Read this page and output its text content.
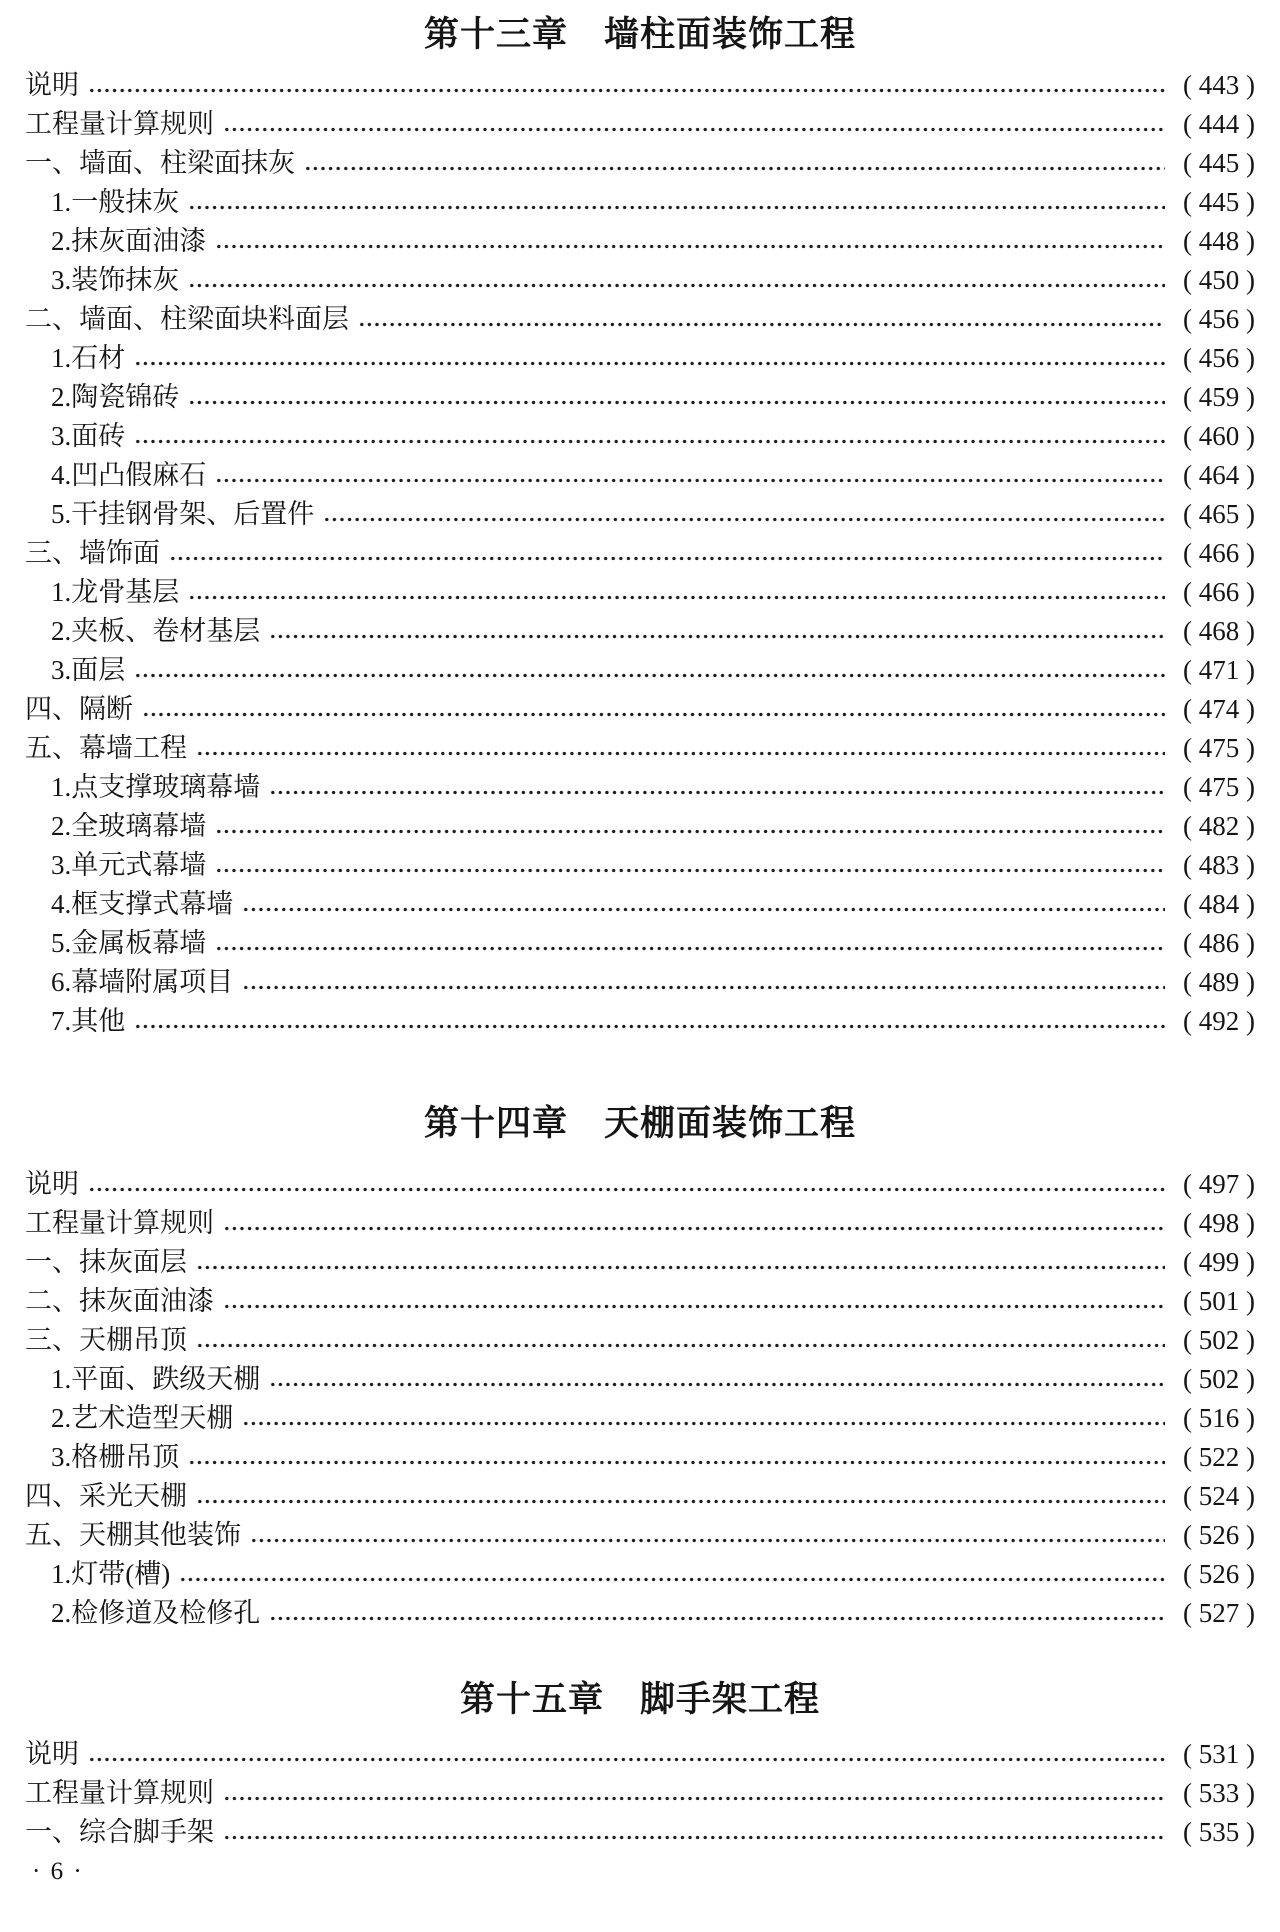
第十三章　墙柱面装饰工程
说明	( 443 )
工程量计算规则	( 444 )
一、墙面、柱梁面抹灰	( 445 )
1.一般抹灰	( 445 )
2.抹灰面油漆	( 448 )
3.装饰抹灰	( 450 )
二、墙面、柱梁面块料面层	( 456 )
1.石材	( 456 )
2.陶瓷锦砖	( 459 )
3.面砖	( 460 )
4.凹凸假麻石	( 464 )
5.干挂钢骨架、后置件	( 465 )
三、墙饰面	( 466 )
1.龙骨基层	( 466 )
2.夹板、卷材基层	( 468 )
3.面层	( 471 )
四、隔断	( 474 )
五、幕墙工程	( 475 )
1.点支撑玻璃幕墙	( 475 )
2.全玻璃幕墙	( 482 )
3.单元式幕墙	( 483 )
4.框支撑式幕墙	( 484 )
5.金属板幕墙	( 486 )
6.幕墙附属项目	( 489 )
7.其他	( 492 )
第十四章　天棚面装饰工程
说明	( 497 )
工程量计算规则	( 498 )
一、抹灰面层	( 499 )
二、抹灰面油漆	( 501 )
三、天棚吊顶	( 502 )
1.平面、跌级天棚	( 502 )
2.艺术造型天棚	( 516 )
3.格栅吊顶	( 522 )
四、采光天棚	( 524 )
五、天棚其他装饰	( 526 )
1.灯带(槽)	( 526 )
2.检修道及检修孔	( 527 )
第十五章　脚手架工程
说明	( 531 )
工程量计算规则	( 533 )
一、综合脚手架	( 535 )
· 6 ·
